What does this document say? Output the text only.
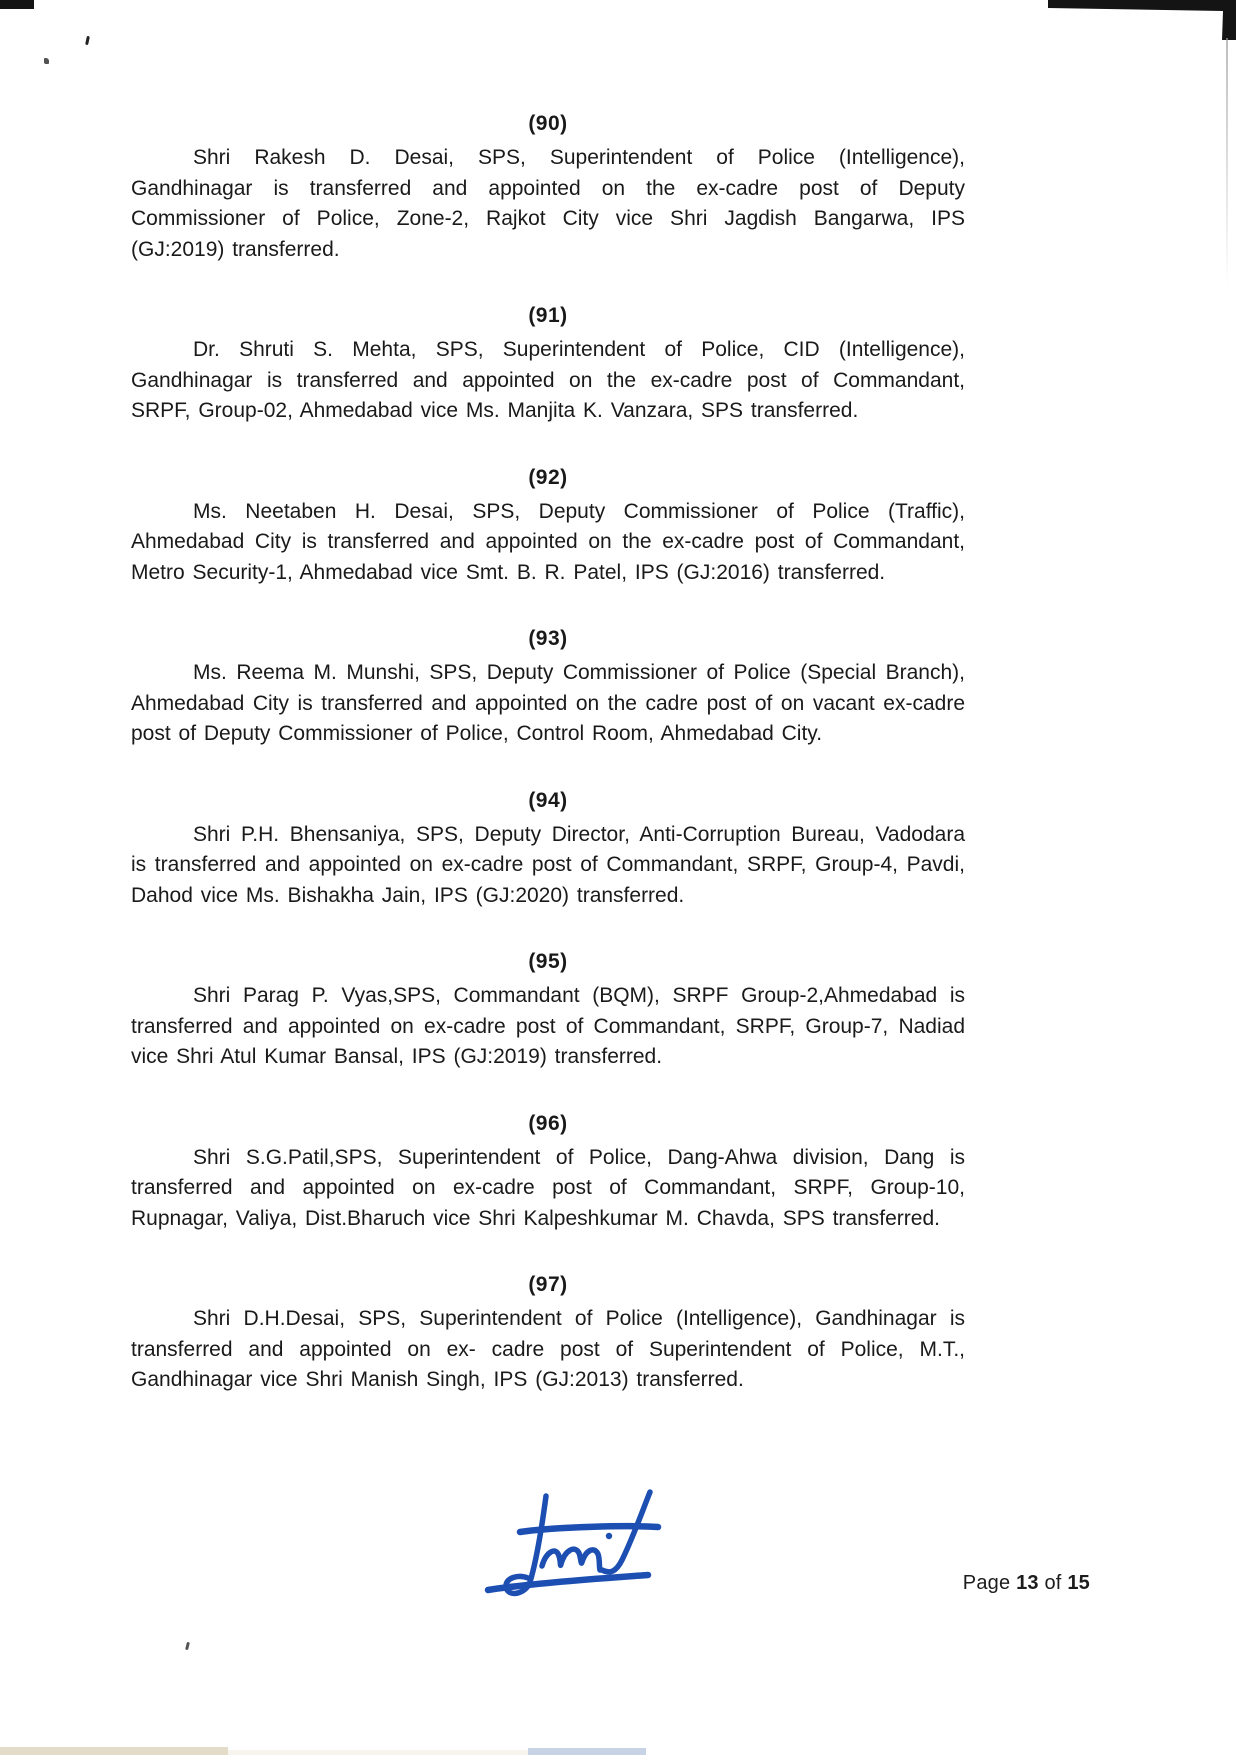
(90)

Shri Rakesh D. Desai, SPS, Superintendent of Police (Intelligence), Gandhinagar is transferred and appointed on the ex-cadre post of Deputy Commissioner of Police, Zone-2, Rajkot City vice Shri Jagdish Bangarwa, IPS (GJ:2019) transferred.

(91)

Dr. Shruti S. Mehta, SPS, Superintendent of Police, CID (Intelligence), Gandhinagar is transferred and appointed on the ex-cadre post of Commandant, SRPF, Group-02, Ahmedabad vice Ms. Manjita K. Vanzara, SPS transferred.

(92)

Ms. Neetaben H. Desai, SPS, Deputy Commissioner of Police (Traffic), Ahmedabad City is transferred and appointed on the ex-cadre post of Commandant, Metro Security-1, Ahmedabad vice Smt. B. R. Patel, IPS (GJ:2016) transferred.

(93)

Ms. Reema M. Munshi, SPS, Deputy Commissioner of Police (Special Branch), Ahmedabad City is transferred and appointed on the cadre post of on vacant ex-cadre post of Deputy Commissioner of Police, Control Room, Ahmedabad City.

(94)

Shri P.H. Bhensaniya, SPS, Deputy Director, Anti-Corruption Bureau, Vadodara is transferred and appointed on ex-cadre post of Commandant, SRPF, Group-4, Pavdi, Dahod vice Ms. Bishakha Jain, IPS (GJ:2020) transferred.

(95)

Shri Parag P. Vyas,SPS, Commandant (BQM), SRPF Group-2,Ahmedabad is transferred and appointed on ex-cadre post of Commandant, SRPF, Group-7, Nadiad vice Shri Atul Kumar Bansal, IPS (GJ:2019) transferred.

(96)

Shri S.G.Patil,SPS, Superintendent of Police, Dang-Ahwa division, Dang is transferred and appointed on ex-cadre post of Commandant, SRPF, Group-10, Rupnagar, Valiya, Dist.Bharuch vice Shri Kalpeshkumar M. Chavda, SPS transferred.

(97)

Shri D.H.Desai, SPS, Superintendent of Police (Intelligence), Gandhinagar is transferred and appointed on ex- cadre post of Superintendent of Police, M.T., Gandhinagar vice Shri Manish Singh, IPS (GJ:2013) transferred.

Page 13 of 15
